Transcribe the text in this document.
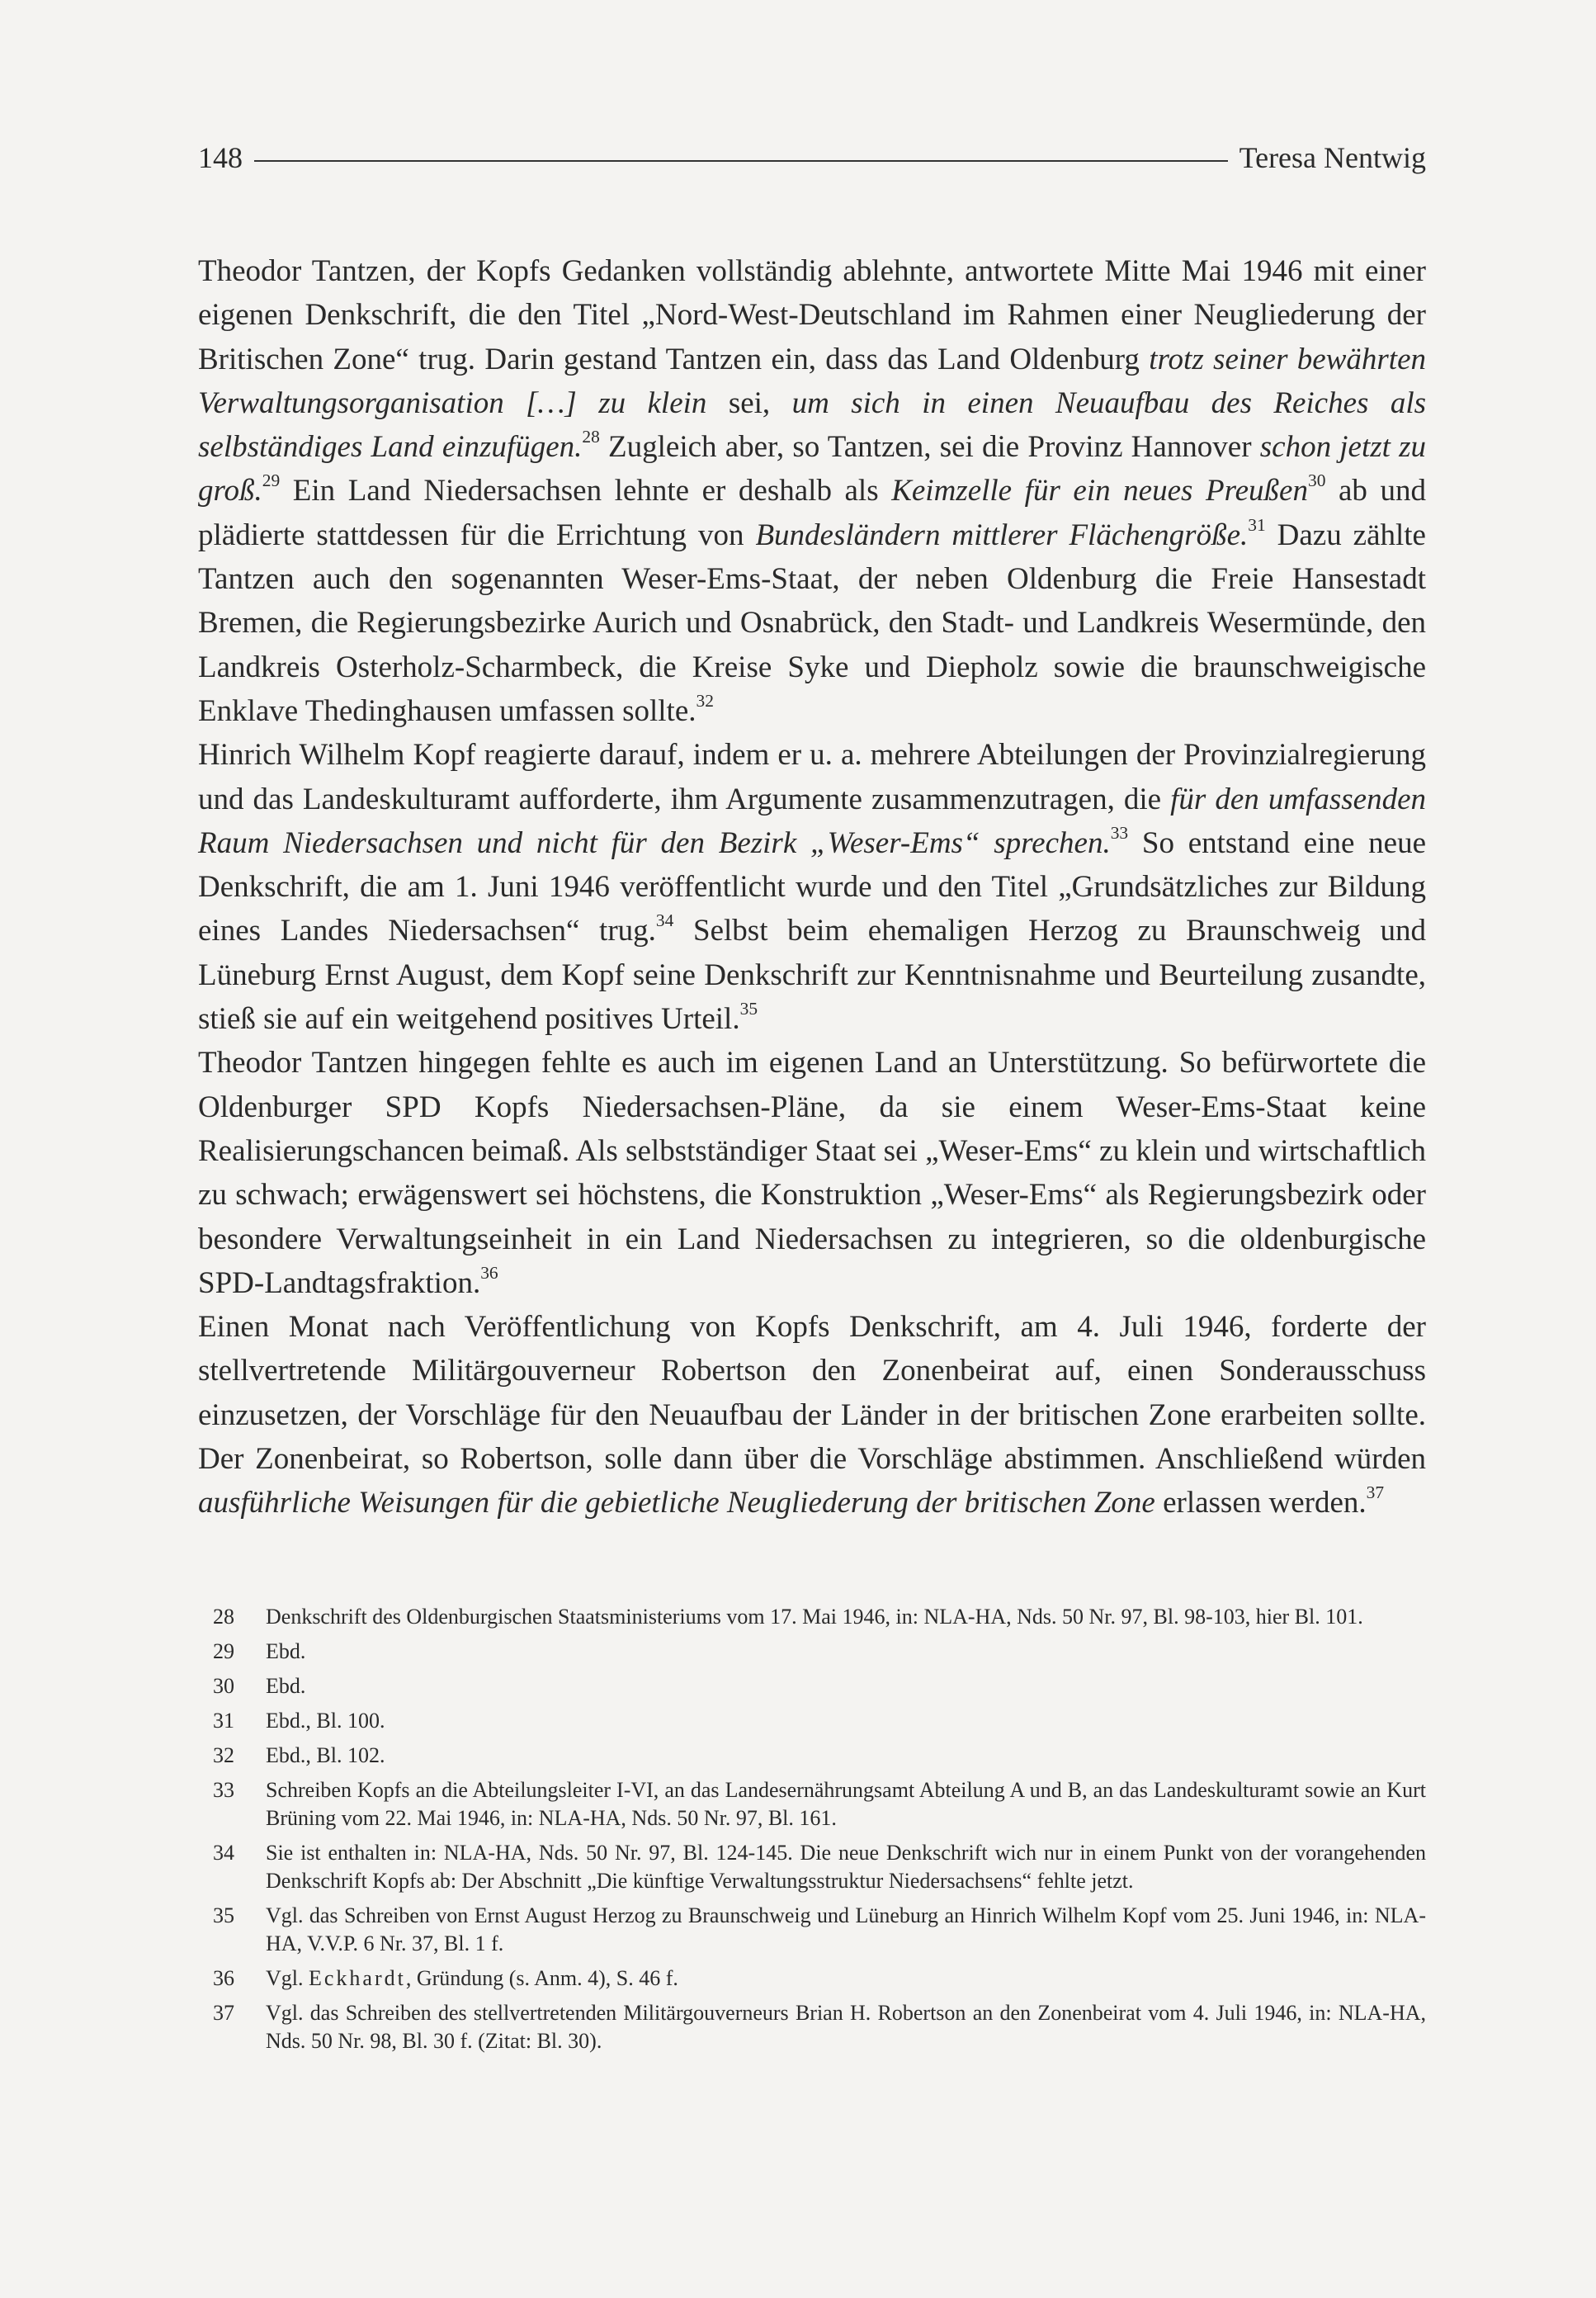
148	Teresa Nentwig

Theodor Tantzen, der Kopfs Gedanken vollständig ablehnte, antwortete Mitte Mai 1946 mit einer eigenen Denkschrift, die den Titel „Nord-West-Deutschland im Rahmen einer Neugliederung der Britischen Zone“ trug. Darin gestand Tantzen ein, dass das Land Oldenburg trotz seiner bewährten Verwaltungsorganisation […] zu klein sei, um sich in einen Neuaufbau des Reiches als selbständiges Land einzufügen.$^{28}$ Zugleich aber, so Tantzen, sei die Provinz Hannover schon jetzt zu groß.$^{29}$ Ein Land Niedersachsen lehnte er deshalb als Keimzelle für ein neues Preußen$^{30}$ ab und plädierte stattdessen für die Errichtung von Bundesländern mittlerer Flächengröße.$^{31}$ Dazu zählte Tantzen auch den sogenannten Weser-Ems-Staat, der neben Oldenburg die Freie Hansestadt Bremen, die Regierungsbezirke Aurich und Osnabrück, den Stadt- und Landkreis Wesermünde, den Landkreis Osterholz-Scharmbeck, die Kreise Syke und Diepholz sowie die braunschweigische Enklave Thedinghausen umfassen sollte.$^{32}$

Hinrich Wilhelm Kopf reagierte darauf, indem er u. a. mehrere Abteilungen der Provinzialregierung und das Landeskulturamt aufforderte, ihm Argumente zusammenzutragen, die für den umfassenden Raum Niedersachsen und nicht für den Bezirk „Weser-Ems“ sprechen.$^{33}$ So entstand eine neue Denkschrift, die am 1. Juni 1946 veröffentlicht wurde und den Titel „Grundsätzliches zur Bildung eines Landes Niedersachsen“ trug.$^{34}$ Selbst beim ehemaligen Herzog zu Braunschweig und Lüneburg Ernst August, dem Kopf seine Denkschrift zur Kenntnisnahme und Beurteilung zusandte, stieß sie auf ein weitgehend positives Urteil.$^{35}$

Theodor Tantzen hingegen fehlte es auch im eigenen Land an Unterstützung. So befürwortete die Oldenburger SPD Kopfs Niedersachsen-Pläne, da sie einem Weser-Ems-Staat keine Realisierungschancen beimaß. Als selbstständiger Staat sei „Weser-Ems“ zu klein und wirtschaftlich zu schwach; erwägenswert sei höchstens, die Konstruktion „Weser-Ems“ als Regierungsbezirk oder besondere Verwaltungseinheit in ein Land Niedersachsen zu integrieren, so die oldenburgische SPD-Landtagsfraktion.$^{36}$

Einen Monat nach Veröffentlichung von Kopfs Denkschrift, am 4. Juli 1946, forderte der stellvertretende Militärgouverneur Robertson den Zonenbeirat auf, einen Sonderausschuss einzusetzen, der Vorschläge für den Neuaufbau der Länder in der britischen Zone erarbeiten sollte. Der Zonenbeirat, so Robertson, solle dann über die Vorschläge abstimmen. Anschließend würden ausführliche Weisungen für die gebietliche Neugliederung der britischen Zone erlassen werden.$^{37}$

28	Denkschrift des Oldenburgischen Staatsministeriums vom 17. Mai 1946, in: NLA-HA, Nds. 50 Nr. 97, Bl. 98-103, hier Bl. 101.
29	Ebd.
30	Ebd.
31	Ebd., Bl. 100.
32	Ebd., Bl. 102.
33	Schreiben Kopfs an die Abteilungsleiter I-VI, an das Landesernährungsamt Abteilung A und B, an das Landeskulturamt sowie an Kurt Brüning vom 22. Mai 1946, in: NLA-HA, Nds. 50 Nr. 97, Bl. 161.
34	Sie ist enthalten in: NLA-HA, Nds. 50 Nr. 97, Bl. 124-145. Die neue Denkschrift wich nur in einem Punkt von der vorangehenden Denkschrift Kopfs ab: Der Abschnitt „Die künftige Verwaltungsstruktur Niedersachsens“ fehlte jetzt.
35	Vgl. das Schreiben von Ernst August Herzog zu Braunschweig und Lüneburg an Hinrich Wilhelm Kopf vom 25. Juni 1946, in: NLA-HA, V.V.P. 6 Nr. 37, Bl. 1 f.
36	Vgl. Eckhardt, Gründung (s. Anm. 4), S. 46 f.
37	Vgl. das Schreiben des stellvertretenden Militärgouverneurs Brian H. Robertson an den Zonenbeirat vom 4. Juli 1946, in: NLA-HA, Nds. 50 Nr. 98, Bl. 30 f. (Zitat: Bl. 30).
